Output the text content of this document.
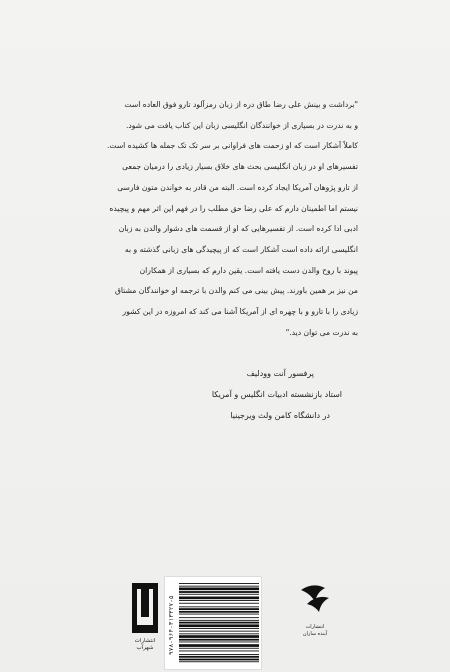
"برداشت و بینش علی رضا طاق دره از زبان رمزآلود تارو فوق العاده است

و به ندرت در بسیاری از خوانندگان انگلیسی زبان این کتاب یافت می شود.

کاملاً آشکار است که او زحمت های فراوانی بر سر تک تک جمله ها کشیده است.

تفسیرهای او در زبان انگلیسی بحث های خلاق بسیار زیادی را درمیان جمعی

از تارو پژوهان آمریکا ایجاد کرده است. البته من قادر به خواندن متون فارسی

نیستم اما اطمینان دارم که علی رضا حق مطلب را در فهم این اثر مهم و پیچیده

ادبی ادا کرده است. از تفسیرهایی که او از قسمت های دشوار والدن به زبان

انگلیسی ارائه داده است آشکار است که از پیچیدگی های زبانی گذشته و به

پیوند با روح والدن دست یافته است. یقین دارم که بسیاری از همکاران

من نیز بر همین باورند. پیش بینی می کنم والدن با ترجمه او خوانندگان مشتاق

زیادی را با تارو و با چهره ای از آمریکا آشنا می کند که امروزه در این کشور

به ندرت می توان دید."

پرفسور آنت وودلیف

استاد بازنشسته ادبیات انگلیس و آمریکا

در دانشگاه کامن ولث ویرجینیا

انتشارات
شهرآب	۹۷۸-۹۶۴-۳۱۳۳۲۷-۵	انتشارات
آینده سازان
